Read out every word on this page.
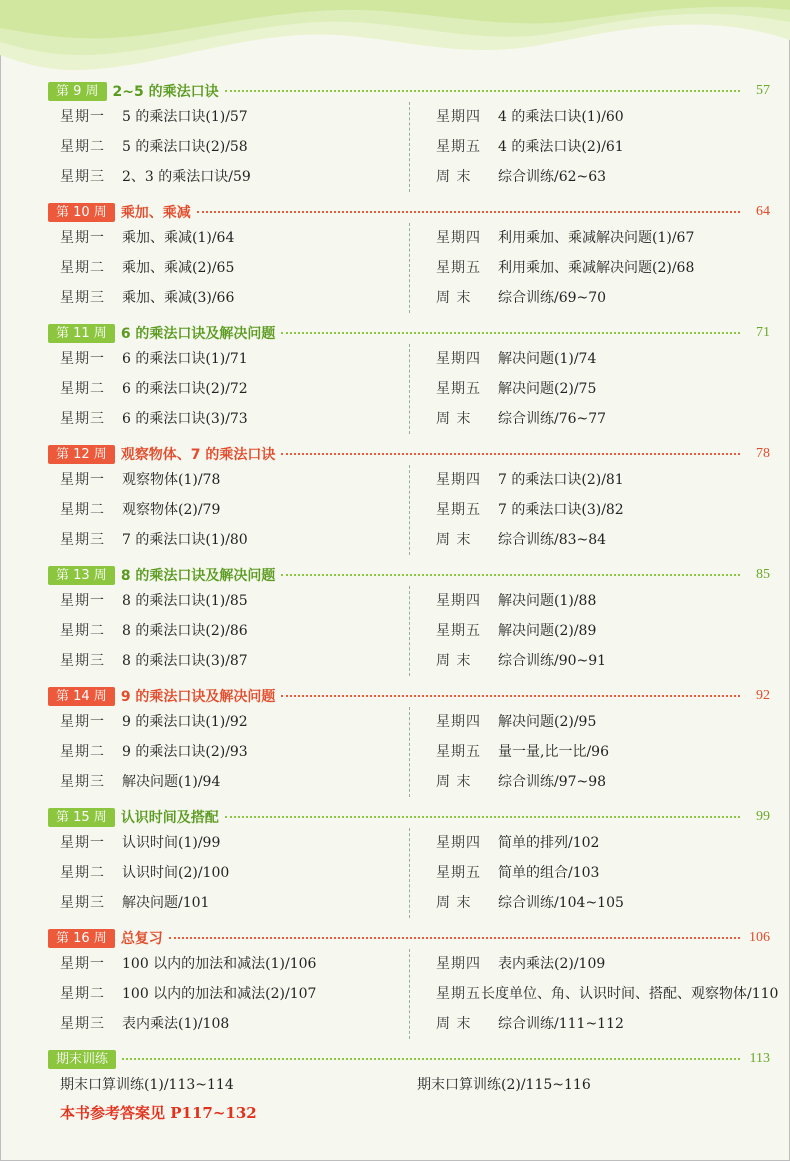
第 9 周	2~5 的乘法口诀	57
星期一	5 的乘法口诀(1)/57
星期二	5 的乘法口诀(2)/58
星期三	2、3 的乘法口诀/59
星期四	4 的乘法口诀(1)/60
星期五	4 的乘法口诀(2)/61
周 末	综合训练/62~63
第 10 周	乘加、乘减	64
星期一	乘加、乘减(1)/64
星期二	乘加、乘减(2)/65
星期三	乘加、乘减(3)/66
星期四	利用乘加、乘减解决问题(1)/67
星期五	利用乘加、乘减解决问题(2)/68
周 末	综合训练/69~70
第 11 周	6 的乘法口诀及解决问题	71
星期一	6 的乘法口诀(1)/71
星期二	6 的乘法口诀(2)/72
星期三	6 的乘法口诀(3)/73
星期四	解决问题(1)/74
星期五	解决问题(2)/75
周 末	综合训练/76~77
第 12 周	观察物体、7 的乘法口诀	78
星期一	观察物体(1)/78
星期二	观察物体(2)/79
星期三	7 的乘法口诀(1)/80
星期四	7 的乘法口诀(2)/81
星期五	7 的乘法口诀(3)/82
周 末	综合训练/83~84
第 13 周	8 的乘法口诀及解决问题	85
星期一	8 的乘法口诀(1)/85
星期二	8 的乘法口诀(2)/86
星期三	8 的乘法口诀(3)/87
星期四	解决问题(1)/88
星期五	解决问题(2)/89
周 末	综合训练/90~91
第 14 周	9 的乘法口诀及解决问题	92
星期一	9 的乘法口诀(1)/92
星期二	9 的乘法口诀(2)/93
星期三	解决问题(1)/94
星期四	解决问题(2)/95
星期五	量一量,比一比/96
周 末	综合训练/97~98
第 15 周	认识时间及搭配	99
星期一	认识时间(1)/99
星期二	认识时间(2)/100
星期三	解决问题/101
星期四	简单的排列/102
星期五	简单的组合/103
周 末	综合训练/104~105
第 16 周	总复习	106
星期一	100 以内的加法和减法(1)/106
星期二	100 以内的加法和减法(2)/107
星期三	表内乘法(1)/108
星期四	表内乘法(2)/109
星期五 长度单位、角、认识时间、搭配、观察物体/110
周 末	综合训练/111~112
期末训练	113
期末口算训练(1)/113~114	期末口算训练(2)/115~116
本书参考答案见 P117~132
